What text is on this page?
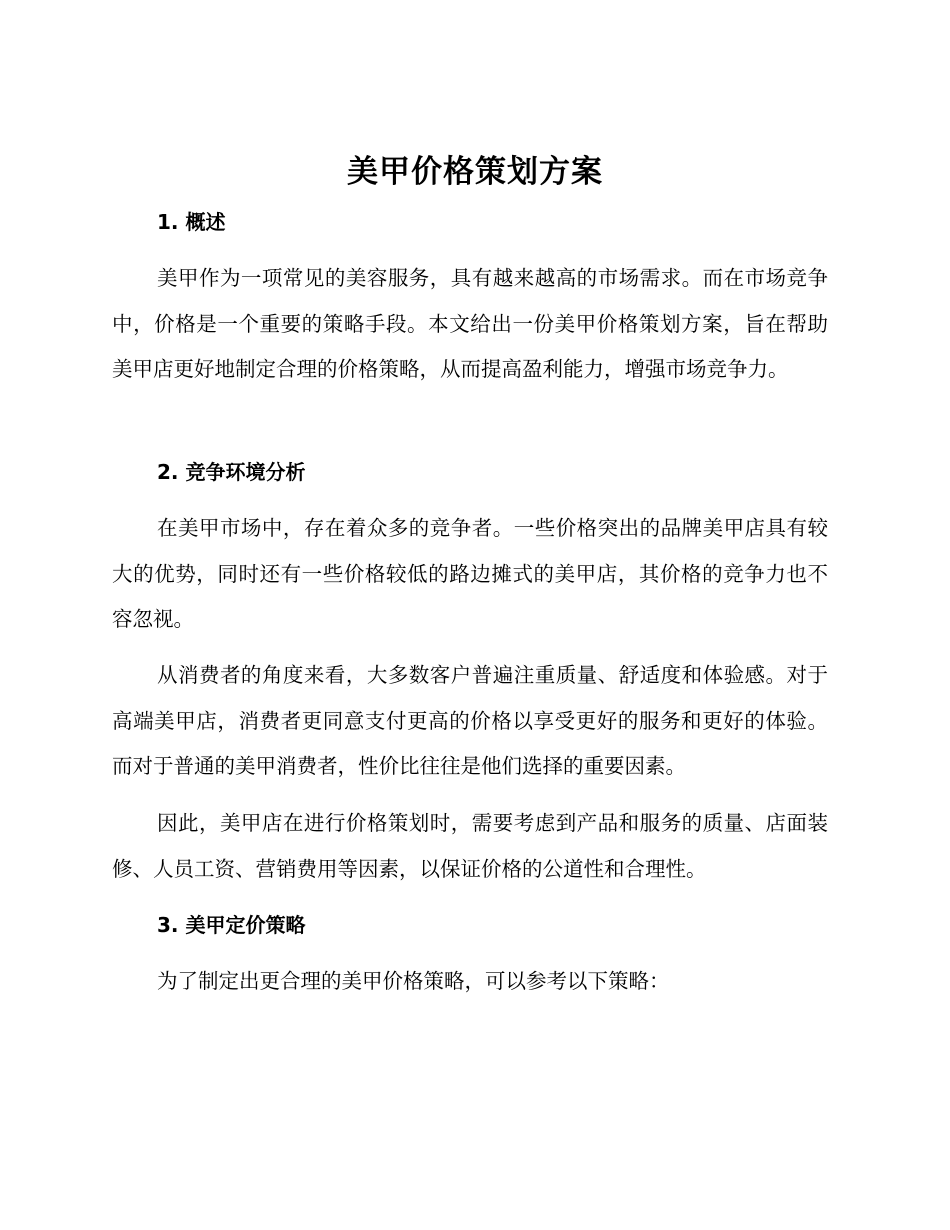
美甲价格策划方案
1. 概述

美甲作为一项常见的美容服务，具有越来越高的市场需求。而在市场竞争中，价格是一个重要的策略手段。本文给出一份美甲价格策划方案，旨在帮助美甲店更好地制定合理的价格策略，从而提高盈利能力，增强市场竞争力。

2. 竞争环境分析

在美甲市场中，存在着众多的竞争者。一些价格突出的品牌美甲店具有较大的优势，同时还有一些价格较低的路边摊式的美甲店，其价格的竞争力也不容忽视。

从消费者的角度来看，大多数客户普遍注重质量、舒适度和体验感。对于高端美甲店，消费者更同意支付更高的价格以享受更好的服务和更好的体验。而对于普通的美甲消费者，性价比往往是他们选择的重要因素。

因此，美甲店在进行价格策划时，需要考虑到产品和服务的质量、店面装修、人员工资、营销费用等因素，以保证价格的公道性和合理性。

3. 美甲定价策略

为了制定出更合理的美甲价格策略，可以参考以下策略：
